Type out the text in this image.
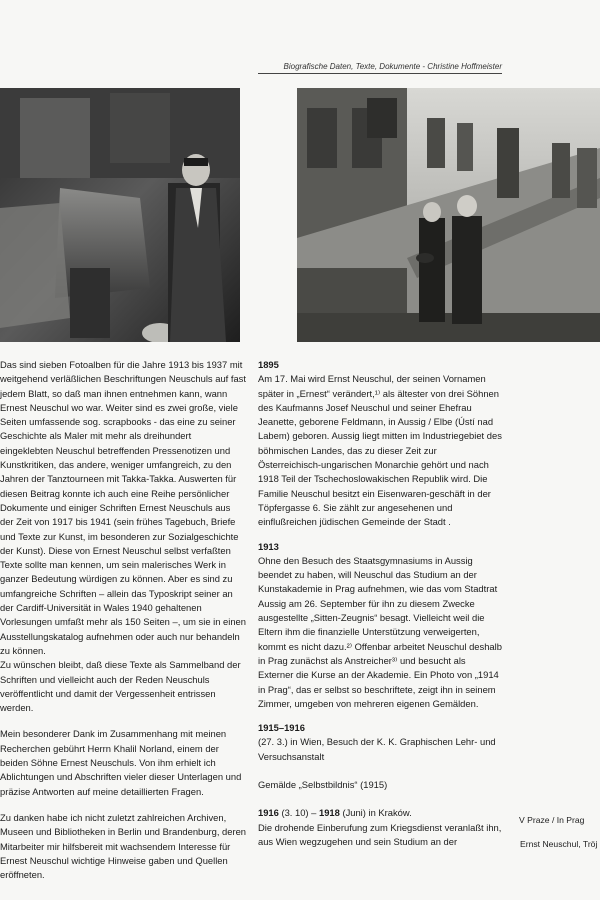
Biografische Daten, Texte, Dokumente - Christine Hoffmeister

Das sind sieben Fotoalben für die Jahre 1913 bis 1937 mit weitgehend verläßlichen Beschriftungen Neuschuls auf fast jedem Blatt, so daß man ihnen entnehmen kann, wann Ernest Neuschul wo war. Weiter sind es zwei große, viele Seiten umfassende sog. scrapbooks - das eine zu seiner Geschichte als Maler mit mehr als dreihundert eingeklebten Neuschul betreffenden Pressenotizen und Kunstkritiken, das andere, weniger umfangreich, zu den Jahren der Tanztourneen mit Takka-Takka. Auswerten für diesen Beitrag konnte ich auch eine Reihe persönlicher Dokumente und einiger Schriften Ernest Neuschuls aus der Zeit von 1917 bis 1941 (sein frühes Tagebuch, Briefe und Texte zur Kunst, im besonderen zur Sozialgeschichte der Kunst). Diese von Ernest Neuschul selbst verfaßten Texte sollte man kennen, um sein malerisches Werk in ganzer Bedeutung würdigen zu können. Aber es sind zu umfangreiche Schriften – allein das Typoskript seiner an der Cardiff-Universität in Wales 1940 gehaltenen Vorlesungen umfaßt mehr als 150 Seiten –, um sie in einen Ausstellungskatalog aufnehmen oder auch nur behandeln zu können.

Zu wünschen bleibt, daß diese Texte als Sammelband der Schriften und vielleicht auch der Reden Neuschuls veröffentlicht und damit der Vergessenheit entrissen werden.

Mein besonderer Dank im Zusammenhang mit meinen Recherchen gebührt Herrn Khalil Norland, einem der beiden Söhne Ernest Neuschuls. Von ihm erhielt ich Ablichtungen und Abschriften vieler dieser Unterlagen und präzise Antworten auf meine detaillierten Fragen.

Zu danken habe ich nicht zuletzt zahlreichen Archiven, Museen und Bibliotheken in Berlin und Brandenburg, deren Mitarbeiter mir hilfsbereit mit wachsendem Interesse für Ernest Neuschul wichtige Hinweise gaben und Quellen eröffneten.

1895

Am 17. Mai wird Ernst Neuschul, der seinen Vornamen später in „Ernest“ verändert,¹⁾ als ältester von drei Söhnen des Kaufmanns Josef Neuschul und seiner Ehefrau Jeanette, geborene Feldmann, in Aussig / Elbe (Ústí nad Labem) geboren. Aussig liegt mitten im Industriegebiet des böhmischen Landes, das zu dieser Zeit zur Österreichisch-ungarischen Monarchie gehört und nach 1918 Teil der Tschechoslowakischen Republik wird. Die Familie Neuschul besitzt ein Eisenwaren-geschäft in der Töpfergasse 6. Sie zählt zur angesehenen und einflußreichen jüdischen Gemeinde der Stadt .

1913

Ohne den Besuch des Staatsgymnasiums in Aussig beendet zu haben, will Neuschul das Studium an der Kunstakademie in Prag aufnehmen, wie das vom Stadtrat Aussig am 26. September für ihn zu diesem Zwecke ausgestellte „Sitten-Zeugnis“ besagt. Vielleicht weil die Eltern ihm die finanzielle Unterstützung verweigerten, kommt es nicht dazu.²⁾ Offenbar arbeitet Neuschul deshalb in Prag zunächst als Anstreicher³⁾ und besucht als Externer die Kurse an der Akademie. Ein Photo von „1914 in Prag“, das er selbst so beschriftete, zeigt ihn in seinem Zimmer, umgeben von mehreren eigenen Gemälden.

1915–1916

(27. 3.) in Wien, Besuch der K. K. Graphischen Lehr- und Versuchsanstalt

Gemälde „Selbstbildnis“ (1915)

1916 (3. 10) – 1918 (Juni) in Kraków.

Die drohende Einberufung zum Kriegsdienst veranlaßt ihn, aus Wien wegzugehen und sein Studium an der

V Praze / In Prag
Ernst Neuschul, Tröj
